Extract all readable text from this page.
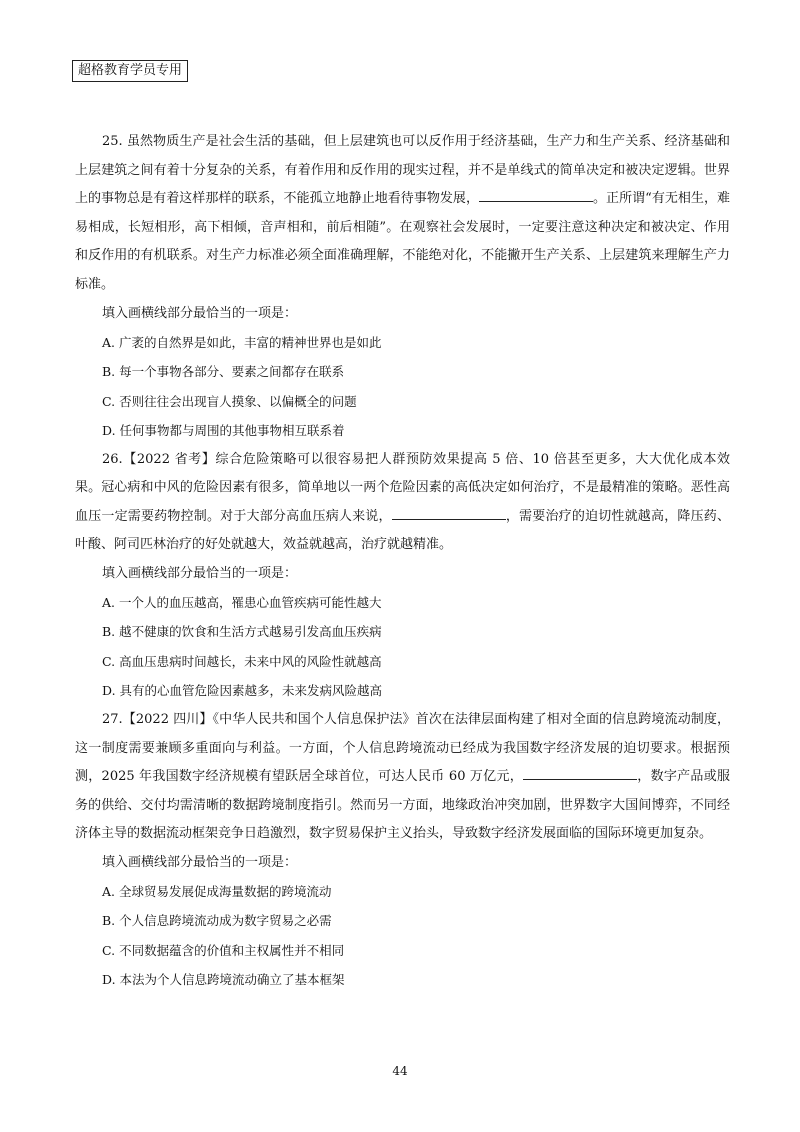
超格教育学员专用

25. 虽然物质生产是社会生活的基础，但上层建筑也可以反作用于经济基础，生产力和生产关系、经济基础和上层建筑之间有着十分复杂的关系，有着作用和反作用的现实过程，并不是单线式的简单决定和被决定逻辑。世界上的事物总是有着这样那样的联系，不能孤立地静止地看待事物发展，	。正所谓“有无相生，难易相成，长短相形，高下相倾，音声相和，前后相随”。在观察社会发展时，一定要注意这种决定和被决定、作用和反作用的有机联系。对生产力标准必须全面准确理解，不能绝对化，不能撇开生产关系、上层建筑来理解生产力标准。

填入画横线部分最恰当的一项是：

A. 广袤的自然界是如此，丰富的精神世界也是如此

B. 每一个事物各部分、要素之间都存在联系

C. 否则往往会出现盲人摸象、以偏概全的问题

D. 任何事物都与周围的其他事物相互联系着

26.【2022 省考】综合危险策略可以很容易把人群预防效果提高 5 倍、10 倍甚至更多，大大优化成本效果。冠心病和中风的危险因素有很多，简单地以一两个危险因素的高低决定如何治疗，不是最精准的策略。恶性高血压一定需要药物控制。对于大部分高血压病人来说，	，需要治疗的迫切性就越高，降压药、叶酸、阿司匹林治疗的好处就越大，效益就越高，治疗就越精准。

填入画横线部分最恰当的一项是：

A. 一个人的血压越高，罹患心血管疾病可能性越大

B. 越不健康的饮食和生活方式越易引发高血压疾病

C. 高血压患病时间越长，未来中风的风险性就越高

D. 具有的心血管危险因素越多，未来发病风险越高

27.【2022 四川】《中华人民共和国个人信息保护法》首次在法律层面构建了相对全面的信息跨境流动制度，这一制度需要兼顾多重面向与利益。一方面，个人信息跨境流动已经成为我国数字经济发展的迫切要求。根据预测，2025 年我国数字经济规模有望跃居全球首位，可达人民币 60 万亿元，	，数字产品或服务的供给、交付均需清晰的数据跨境制度指引。然而另一方面，地缘政治冲突加剧，世界数字大国间博弈，不同经济体主导的数据流动框架竞争日趋激烈，数字贸易保护主义抬头，导致数字经济发展面临的国际环境更加复杂。

填入画横线部分最恰当的一项是：

A. 全球贸易发展促成海量数据的跨境流动

B. 个人信息跨境流动成为数字贸易之必需

C. 不同数据蕴含的价值和主权属性并不相同

D. 本法为个人信息跨境流动确立了基本框架

44
